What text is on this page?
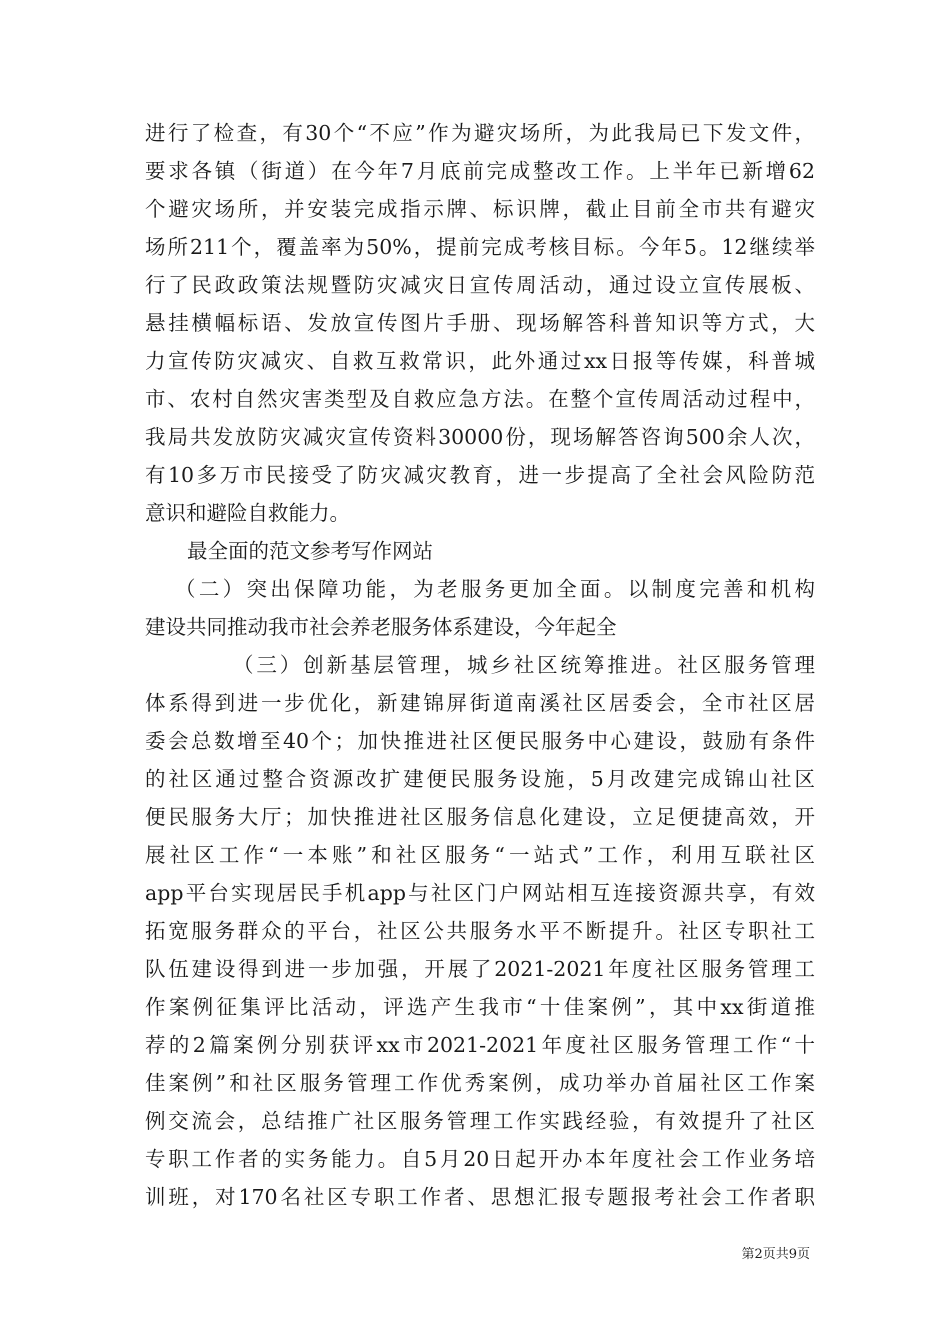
进行了检查，有30个“不应”作为避灾场所，为此我局已下发文件，
要求各镇（街道）在今年7月底前完成整改工作。上半年已新增62
个避灾场所，并安装完成指示牌、标识牌，截止目前全市共有避灾
场所211个，覆盖率为50%，提前完成考核目标。今年5。12继续举
行了民政政策法规暨防灾减灾日宣传周活动，通过设立宣传展板、
悬挂横幅标语、发放宣传图片手册、现场解答科普知识等方式，大
力宣传防灾减灾、自救互救常识，此外通过xx日报等传媒，科普城
市、农村自然灾害类型及自救应急方法。在整个宣传周活动过程中，
我局共发放防灾减灾宣传资料30000份，现场解答咨询500余人次，
有10多万市民接受了防灾减灾教育，进一步提高了全社会风险防范
意识和避险自救能力。
最全面的范文参考写作网站
（二）突出保障功能，为老服务更加全面。以制度完善和机构
建设共同推动我市社会养老服务体系建设，今年起全
（三）创新基层管理，城乡社区统筹推进。社区服务管理
体系得到进一步优化，新建锦屏街道南溪社区居委会，全市社区居
委会总数增至40个；加快推进社区便民服务中心建设，鼓励有条件
的社区通过整合资源改扩建便民服务设施，5月改建完成锦山社区
便民服务大厅；加快推进社区服务信息化建设，立足便捷高效，开
展社区工作“一本账”和社区服务“一站式”工作，利用互联社区
app平台实现居民手机app与社区门户网站相互连接资源共享，有效
拓宽服务群众的平台，社区公共服务水平不断提升。社区专职社工
队伍建设得到进一步加强，开展了2021-2021年度社区服务管理工
作案例征集评比活动，评选产生我市“十佳案例”，其中xx街道推
荐的2篇案例分别获评xx市2021-2021年度社区服务管理工作“十
佳案例”和社区服务管理工作优秀案例，成功举办首届社区工作案
例交流会，总结推广社区服务管理工作实践经验，有效提升了社区
专职工作者的实务能力。自5月20日起开办本年度社会工作业务培
训班，对170名社区专职工作者、思想汇报专题报考社会工作者职
第2页共9页
